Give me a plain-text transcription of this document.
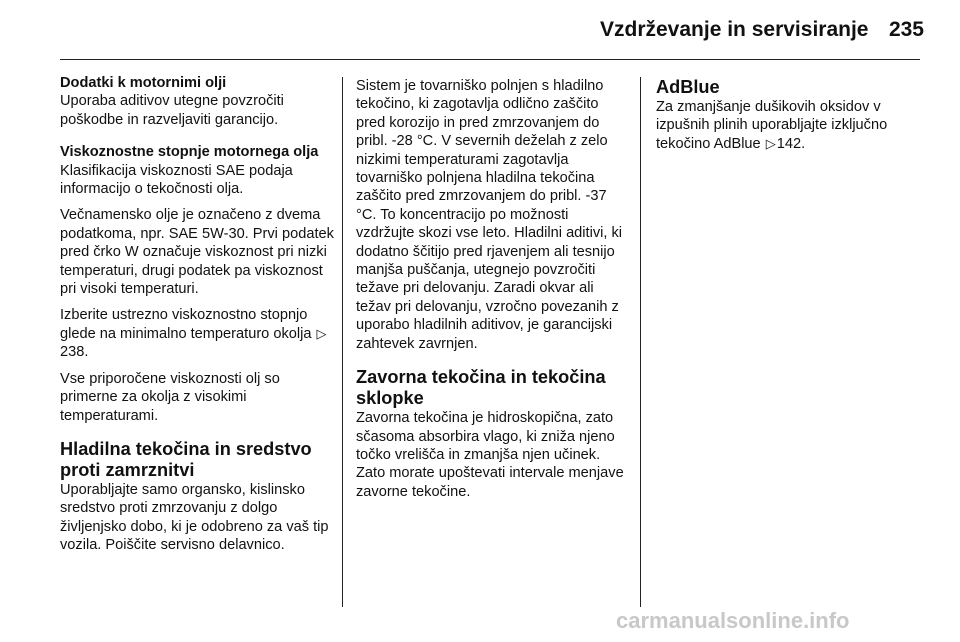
Vzdrževanje in servisiranje 235

Dodatki k motornimi olji

Uporaba aditivov utegne povzročiti poškodbe in razveljaviti garancijo.

Viskoznostne stopnje motornega olja

Klasifikacija viskoznosti SAE podaja informacijo o tekočnosti olja.

Večnamensko olje je označeno z dvema podatkoma, npr. SAE 5W-30. Prvi podatek pred črko W označuje viskoznost pri nizki temperaturi, drugi podatek pa viskoznost pri visoki temperaturi.

Izberite ustrezno viskoznostno stopnjo glede na minimalno temperaturo okolja ▷238.

Vse priporočene viskoznosti olj so primerne za okolja z visokimi temperaturami.

Hladilna tekočina in sredstvo proti zamrznitvi

Uporabljajte samo organsko, kislinsko sredstvo proti zmrzovanju z dolgo življenjsko dobo, ki je odobreno za vaš tip vozila. Poiščite servisno delavnico.

Sistem je tovarniško polnjen s hladilno tekočino, ki zagotavlja odlično zaščito pred korozijo in pred zmrzovanjem do pribl. -28 °C. V severnih deželah z zelo nizkimi temperaturami zagotavlja tovarniško polnjena hladilna tekočina zaščito pred zmrzovanjem do pribl. -37 °C. To koncentracijo po možnosti vzdržujte skozi vse leto. Hladilni aditivi, ki dodatno ščitijo pred rjavenjem ali tesnijo manjša puščanja, utegnejo povzročiti težave pri delovanju. Zaradi okvar ali težav pri delovanju, vzročno povezanih z uporabo hladilnih aditivov, je garancijski zahtevek zavrnjen.

Zavorna tekočina in tekočina sklopke

Zavorna tekočina je hidroskopična, zato sčasoma absorbira vlago, ki zniža njeno točko vrelišča in zmanjša njen učinek. Zato morate upoštevati intervale menjave zavorne tekočine.

AdBlue

Za zmanjšanje dušikovih oksidov v izpušnih plinih uporabljajte izključno tekočino AdBlue ▷142.

carmanualsonline.info
